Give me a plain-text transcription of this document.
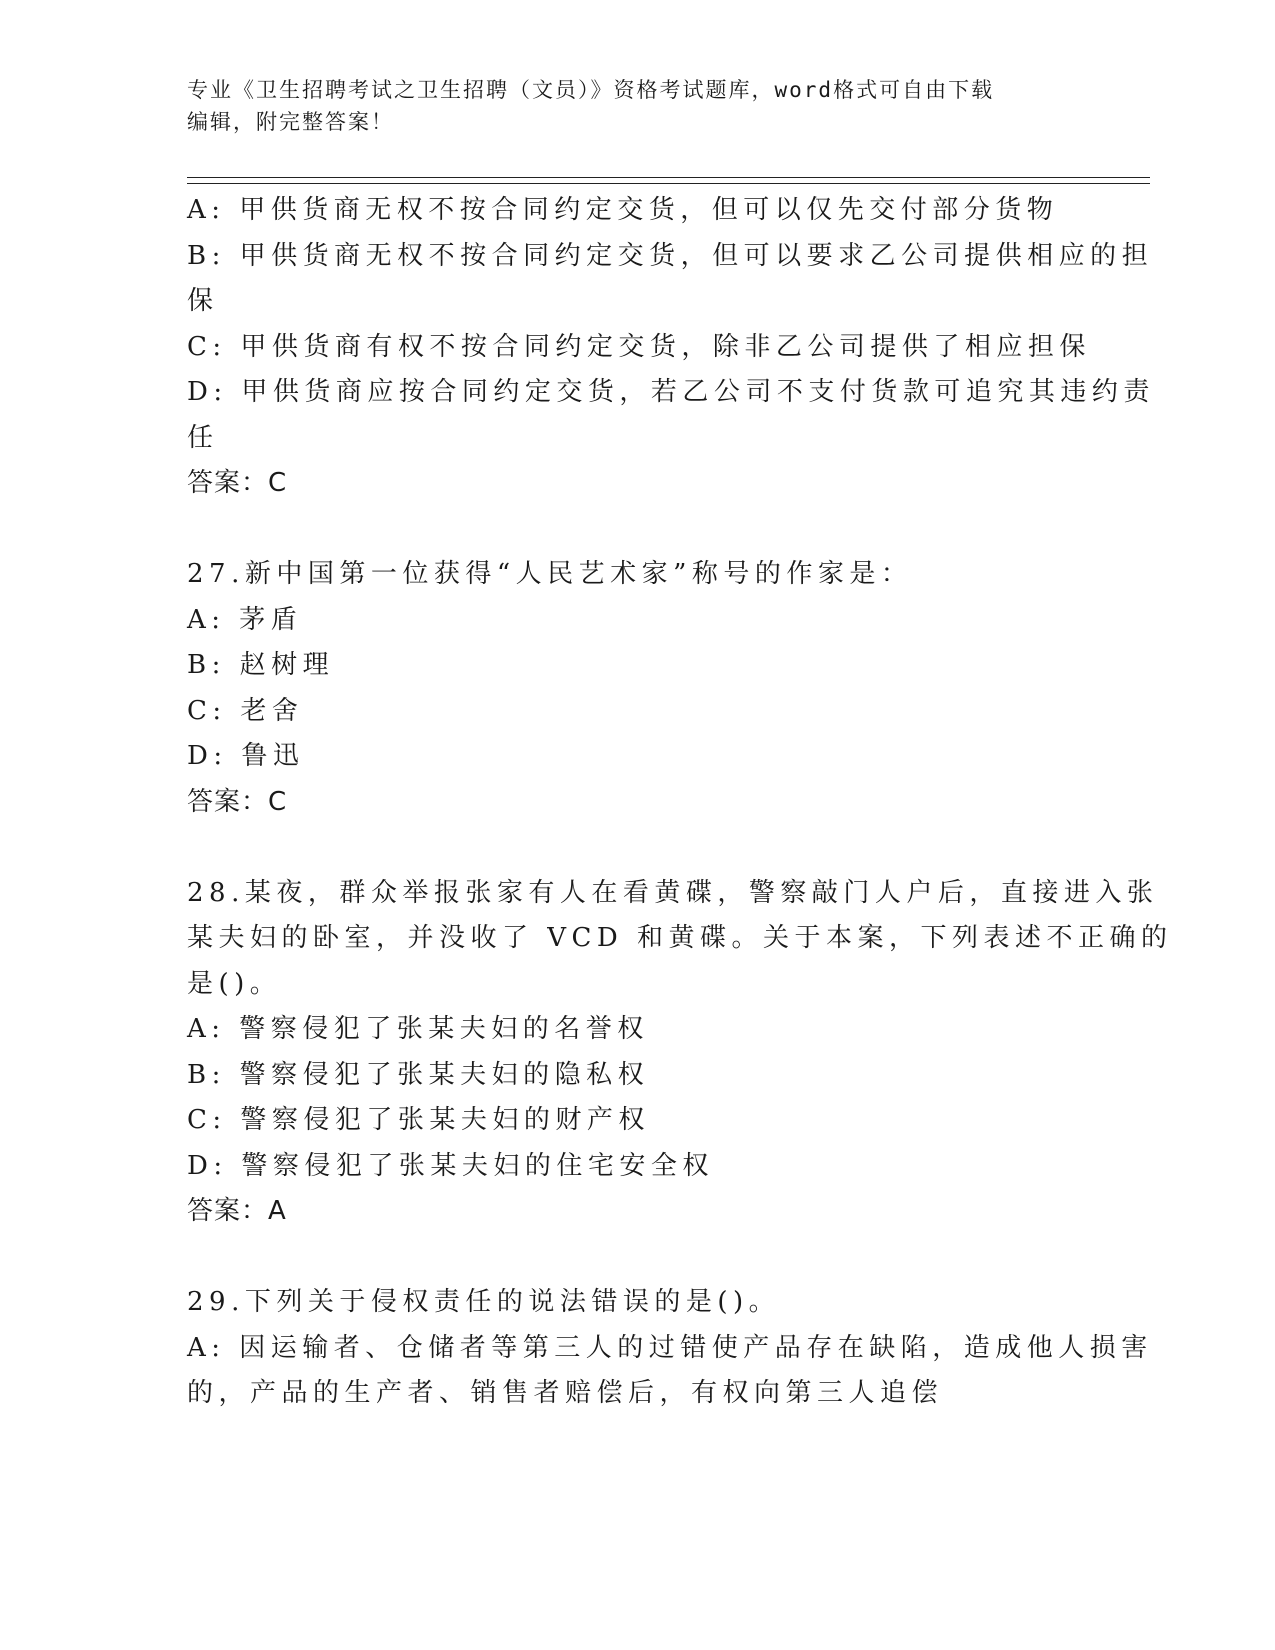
专业《卫生招聘考试之卫生招聘（文员）》资格考试题库，word格式可自由下载
编辑，附完整答案！
A: 甲供货商无权不按合同约定交货，但可以仅先交付部分货物
B: 甲供货商无权不按合同约定交货，但可以要求乙公司提供相应的担
保
C: 甲供货商有权不按合同约定交货，除非乙公司提供了相应担保
D: 甲供货商应按合同约定交货，若乙公司不支付货款可追究其违约责
任
答案：C
27.新中国第一位获得“人民艺术家”称号的作家是：
A: 茅盾
B: 赵树理
C: 老舍
D: 鲁迅
答案：C
28.某夜，群众举报张家有人在看黄碟，警察敲门人户后，直接进入张
某夫妇的卧室，并没收了 VCD 和黄碟。关于本案，下列表述不正确的
是()。
A: 警察侵犯了张某夫妇的名誉权
B: 警察侵犯了张某夫妇的隐私权
C: 警察侵犯了张某夫妇的财产权
D: 警察侵犯了张某夫妇的住宅安全权
答案：A
29.下列关于侵权责任的说法错误的是()。
A: 因运输者、仓储者等第三人的过错使产品存在缺陷，造成他人损害
的，产品的生产者、销售者赔偿后，有权向第三人追偿
